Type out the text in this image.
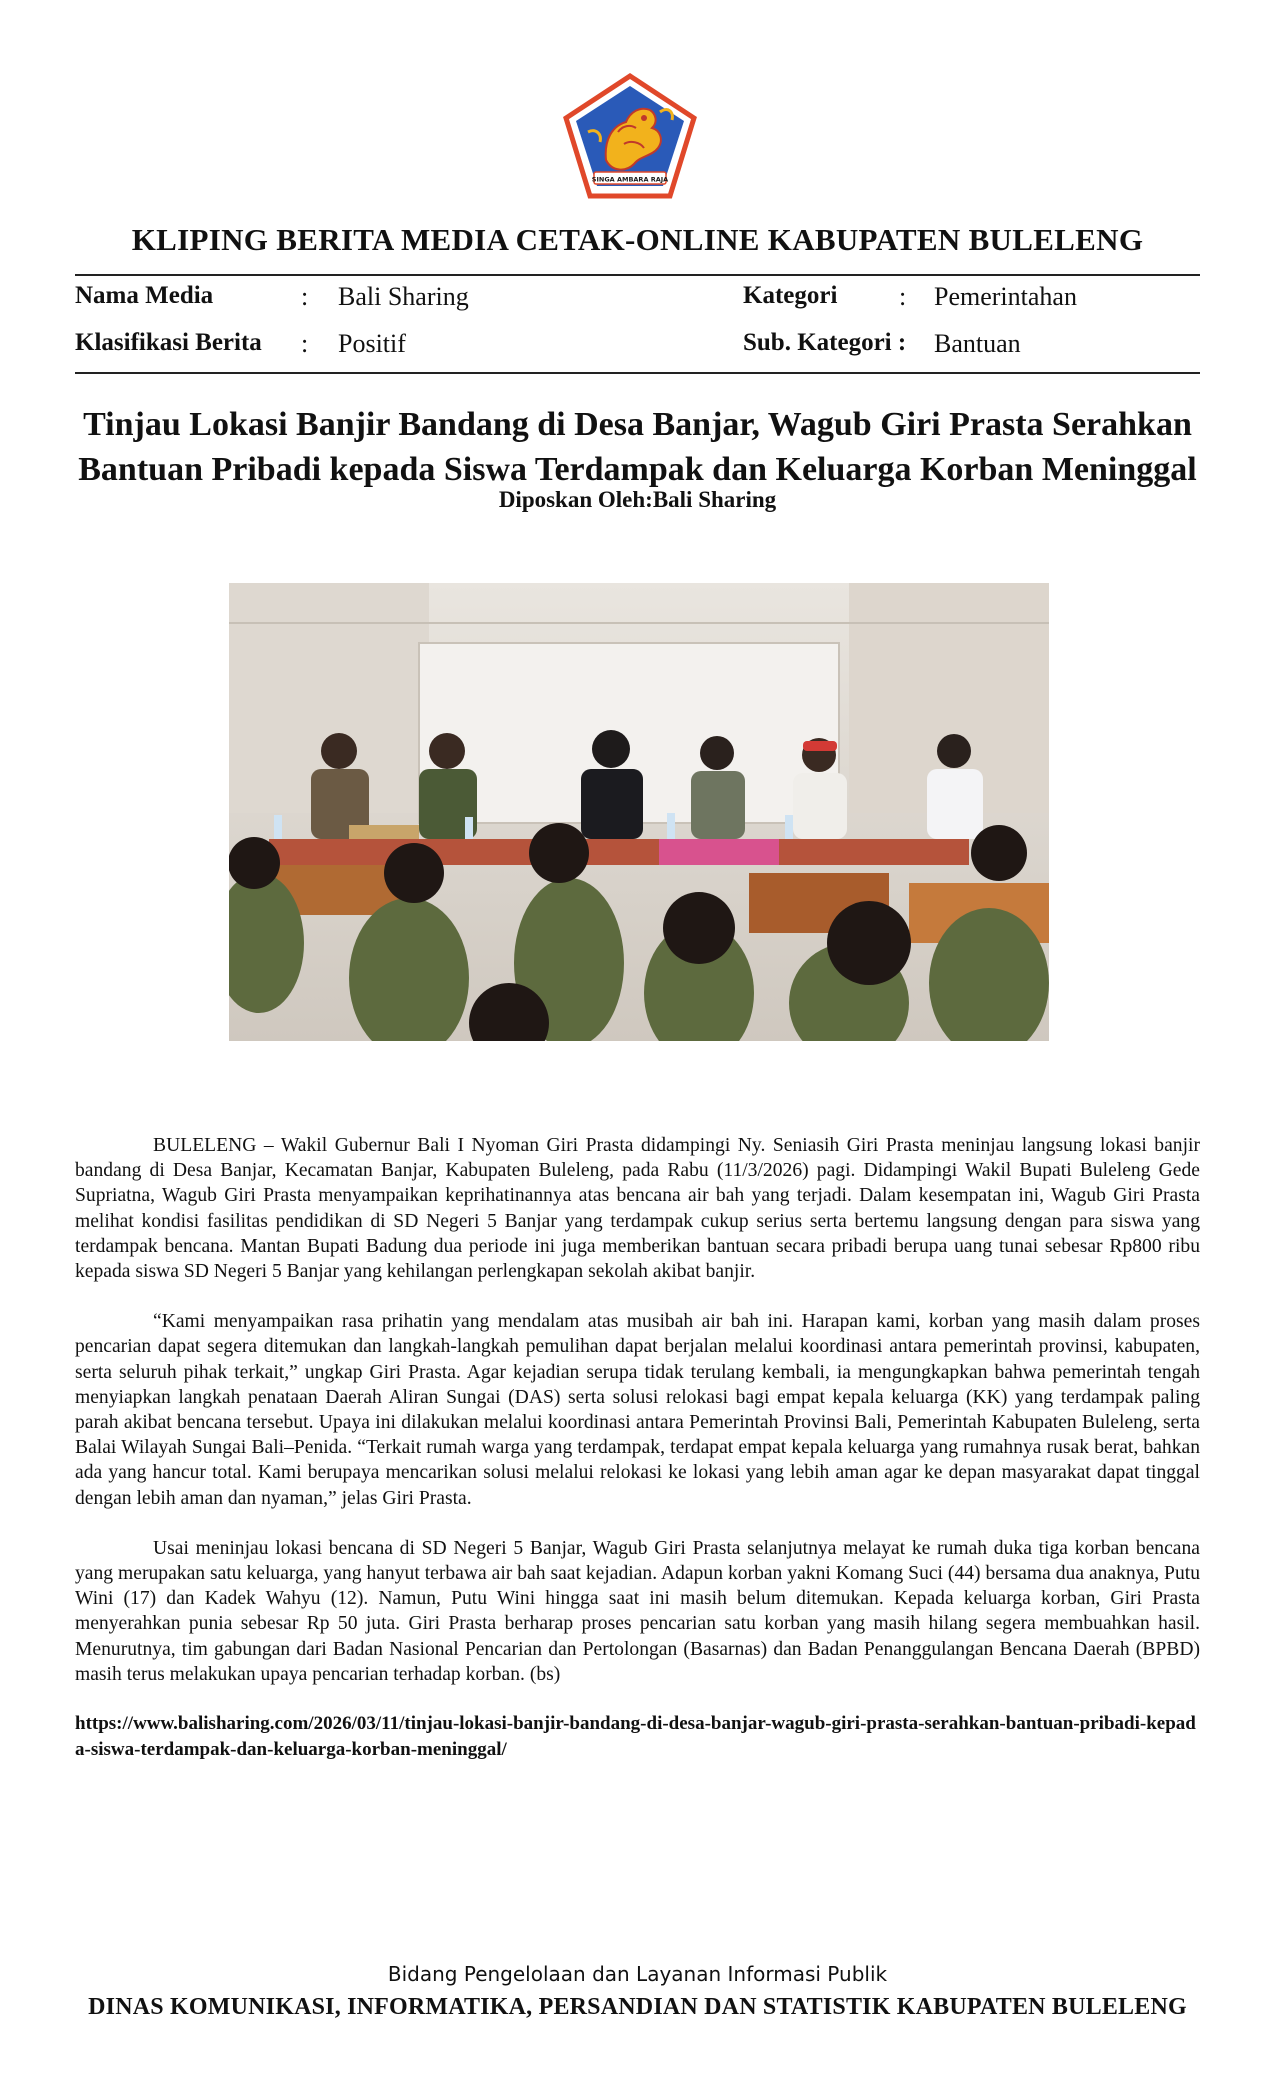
SINGA AMBARA RAJA
KLIPING BERITA MEDIA CETAK-ONLINE KABUPATEN BULELENG
Nama Media	: Bali Sharing
Klasifikasi Berita : Positif
Kategori : Pemerintahan
Sub. Kategori : Bantuan
Tinjau Lokasi Banjir Bandang di Desa Banjar, Wagub Giri Prasta Serahkan
Bantuan Pribadi kepada Siswa Terdampak dan Keluarga Korban Meninggal
Diposkan Oleh:Bali Sharing

BULELENG – Wakil Gubernur Bali I Nyoman Giri Prasta didampingi Ny. Seniasih Giri Prasta meninjau langsung lokasi banjir bandang di Desa Banjar, Kecamatan Banjar, Kabupaten Buleleng, pada Rabu (11/3/2026) pagi. Didampingi Wakil Bupati Buleleng Gede Supriatna, Wagub Giri Prasta menyampaikan keprihatinannya atas bencana air bah yang terjadi. Dalam kesempatan ini, Wagub Giri Prasta melihat kondisi fasilitas pendidikan di SD Negeri 5 Banjar yang terdampak cukup serius serta bertemu langsung dengan para siswa yang terdampak bencana. Mantan Bupati Badung dua periode ini juga memberikan bantuan secara pribadi berupa uang tunai sebesar Rp800 ribu kepada siswa SD Negeri 5 Banjar yang kehilangan perlengkapan sekolah akibat banjir.

“Kami menyampaikan rasa prihatin yang mendalam atas musibah air bah ini. Harapan kami, korban yang masih dalam proses pencarian dapat segera ditemukan dan langkah-langkah pemulihan dapat berjalan melalui koordinasi antara pemerintah provinsi, kabupaten, serta seluruh pihak terkait,” ungkap Giri Prasta. Agar kejadian serupa tidak terulang kembali, ia mengungkapkan bahwa pemerintah tengah menyiapkan langkah penataan Daerah Aliran Sungai (DAS) serta solusi relokasi bagi empat kepala keluarga (KK) yang terdampak paling parah akibat bencana tersebut. Upaya ini dilakukan melalui koordinasi antara Pemerintah Provinsi Bali, Pemerintah Kabupaten Buleleng, serta Balai Wilayah Sungai Bali–Penida. “Terkait rumah warga yang terdampak, terdapat empat kepala keluarga yang rumahnya rusak berat, bahkan ada yang hancur total. Kami berupaya mencarikan solusi melalui relokasi ke lokasi yang lebih aman agar ke depan masyarakat dapat tinggal dengan lebih aman dan nyaman,” jelas Giri Prasta.

Usai meninjau lokasi bencana di SD Negeri 5 Banjar, Wagub Giri Prasta selanjutnya melayat ke rumah duka tiga korban bencana yang merupakan satu keluarga, yang hanyut terbawa air bah saat kejadian. Adapun korban yakni Komang Suci (44) bersama dua anaknya, Putu Wini (17) dan Kadek Wahyu (12). Namun, Putu Wini hingga saat ini masih belum ditemukan. Kepada keluarga korban, Giri Prasta menyerahkan punia sebesar Rp 50 juta. Giri Prasta berharap proses pencarian satu korban yang masih hilang segera membuahkan hasil. Menurutnya, tim gabungan dari Badan Nasional Pencarian dan Pertolongan (Basarnas) dan Badan Penanggulangan Bencana Daerah (BPBD) masih terus melakukan upaya pencarian terhadap korban. (bs)

https://www.balisharing.com/2026/03/11/tinjau-lokasi-banjir-bandang-di-desa-banjar-wagub-giri-prasta-serahkan-bantuan-pribadi-kepada-siswa-terdampak-dan-keluarga-korban-meninggal/
Bidang Pengelolaan dan Layanan Informasi Publik
DINAS KOMUNIKASI, INFORMATIKA, PERSANDIAN DAN STATISTIK KABUPATEN BULELENG
